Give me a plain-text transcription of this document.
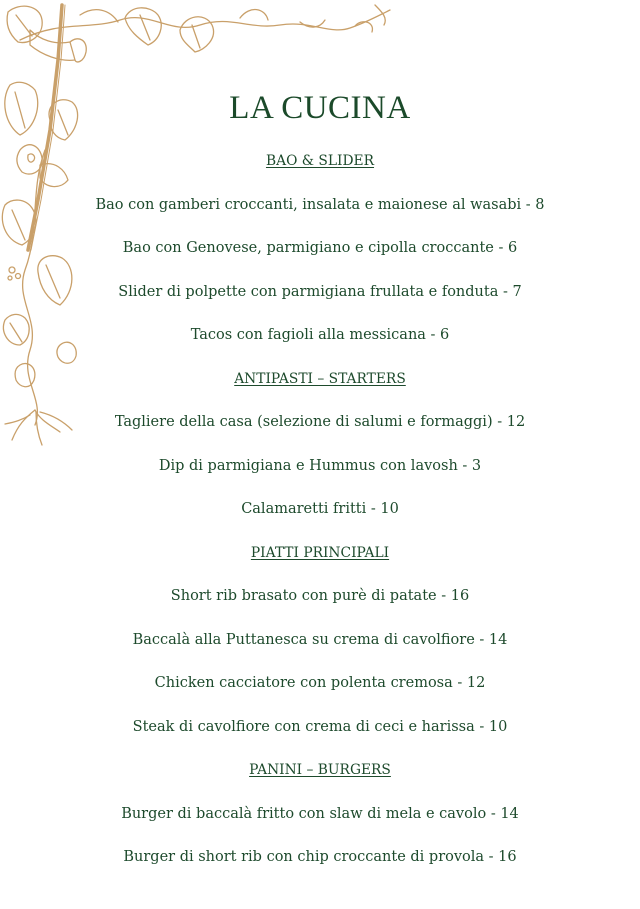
LA CUCINA
BAO & SLIDER
Bao con gamberi croccanti, insalata e maionese al wasabi - 8
Bao con Genovese, parmigiano e cipolla croccante - 6
Slider di polpette con parmigiana frullata e fonduta - 7
Tacos con fagioli alla messicana - 6
ANTIPASTI – STARTERS
Tagliere della casa (selezione di salumi e formaggi) - 12
Dip di parmigiana e Hummus con lavosh - 3
Calamaretti fritti - 10
PIATTI PRINCIPALI
Short rib brasato con purè di patate - 16
Baccalà alla Puttanesca su crema di cavolfiore - 14
Chicken cacciatore con polenta cremosa - 12
Steak di cavolfiore con crema di ceci e harissa - 10
PANINI – BURGERS
Burger di baccalà fritto con slaw di mela e cavolo - 14
Burger di short rib con chip croccante di provola - 16
